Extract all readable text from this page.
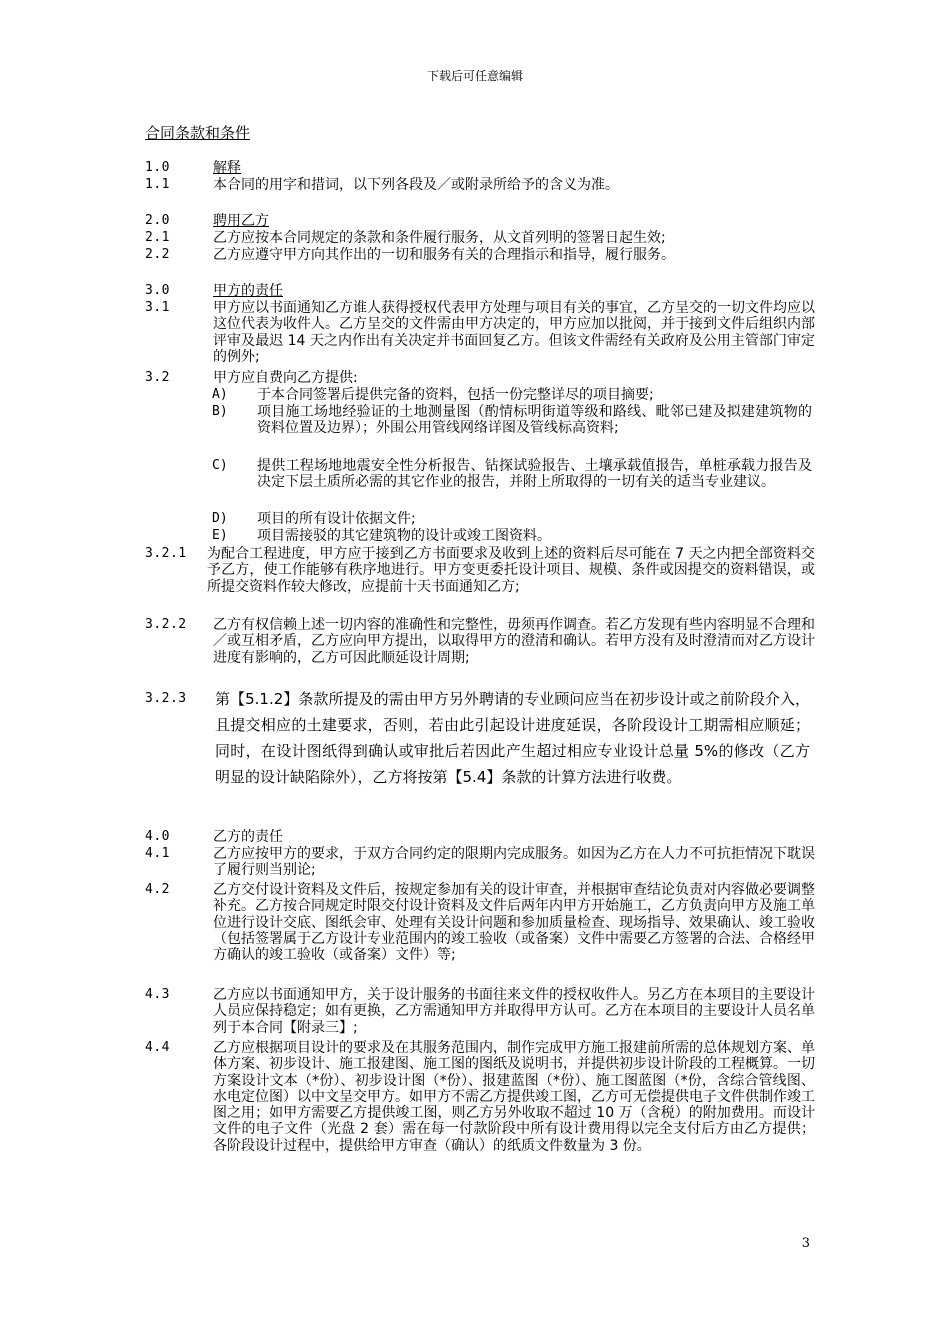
下载后可任意编辑
合同条款和条件
1.0	解释
1.1	本合同的用字和措词，以下列各段及／或附录所给予的含义为准。
2.0	聘用乙方
2.1	乙方应按本合同规定的条款和条件履行服务，从文首列明的签署日起生效;
2.2	乙方应遵守甲方向其作出的一切和服务有关的合理指示和指导，履行服务。
3.0	甲方的责任
3.1	甲方应以书面通知乙方谁人获得授权代表甲方处理与项目有关的事宜，乙方呈交的一切文件均应以这位代表为收件人。乙方呈交的文件需由甲方决定的，甲方应加以批阅，并于接到文件后组织内部评审及最迟 14 天之内作出有关决定并书面回复乙方。但该文件需经有关政府及公用主管部门审定的例外;
3.2	甲方应自费向乙方提供:
A)	于本合同签署后提供完备的资料，包括一份完整详尽的项目摘要;
B)	项目施工场地经验证的土地测量图（酌情标明街道等级和路线、毗邻已建及拟建建筑物的资料位置及边界）；外围公用管线网络详图及管线标高资料;
C)	提供工程场地地震安全性分析报告、钻探试验报告、土壤承载值报告，单桩承载力报告及决定下层土质所必需的其它作业的报告，并附上所取得的一切有关的适当专业建议。
D)	项目的所有设计依据文件;
E)	项目需接驳的其它建筑物的设计或竣工图资料。
3.2.1	为配合工程进度，甲方应于接到乙方书面要求及收到上述的资料后尽可能在 7 天之内把全部资料交予乙方，使工作能够有秩序地进行。甲方变更委托设计项目、规模、条件或因提交的资料错误，或所提交资料作较大修改，应提前十天书面通知乙方;
3.2.2	乙方有权信赖上述一切内容的准确性和完整性，毋须再作调查。若乙方发现有些内容明显不合理和／或互相矛盾，乙方应向甲方提出，以取得甲方的澄清和确认。若甲方没有及时澄清而对乙方设计进度有影响的，乙方可因此顺延设计周期;
3.2.3	第【5.1.2】条款所提及的需由甲方另外聘请的专业顾问应当在初步设计或之前阶段介入，且提交相应的土建要求，否则，若由此引起设计进度延误，各阶段设计工期需相应顺延；同时，在设计图纸得到确认或审批后若因此产生超过相应专业设计总量 5%的修改（乙方明显的设计缺陷除外），乙方将按第【5.4】条款的计算方法进行收费。
4.0	乙方的责任
4.1	乙方应按甲方的要求，于双方合同约定的限期内完成服务。如因为乙方在人力不可抗拒情况下耽误了履行则当别论;
4.2	乙方交付设计资料及文件后，按规定参加有关的设计审查，并根据审查结论负责对内容做必要调整补充。乙方按合同规定时限交付设计资料及文件后两年内甲方开始施工，乙方负责向甲方及施工单位进行设计交底、图纸会审、处理有关设计问题和参加质量检查、现场指导、效果确认、竣工验收（包括签署属于乙方设计专业范围内的竣工验收（或备案）文件中需要乙方签署的合法、合格经甲方确认的竣工验收（或备案）文件）等;
4.3	乙方应以书面通知甲方，关于设计服务的书面往来文件的授权收件人。另乙方在本项目的主要设计人员应保持稳定；如有更换，乙方需通知甲方并取得甲方认可。乙方在本项目的主要设计人员名单列于本合同【附录三】;
4.4	乙方应根据项目设计的要求及在其服务范围内，制作完成甲方施工报建前所需的总体规划方案、单体方案、初步设计、施工报建图、施工图的图纸及说明书，并提供初步设计阶段的工程概算。一切方案设计文本（*份）、初步设计图（*份）、报建蓝图（*份）、施工图蓝图（*份，含综合管线图、水电定位图）以中文呈交甲方。如甲方不需乙方提供竣工图，乙方可无偿提供电子文件供制作竣工图之用；如甲方需要乙方提供竣工图，则乙方另外收取不超过 10 万（含税）的附加费用。而设计文件的电子文件（光盘 2 套）需在每一付款阶段中所有设计费用得以完全支付后方由乙方提供；各阶段设计过程中，提供给甲方审查（确认）的纸质文件数量为 3 份。
3
